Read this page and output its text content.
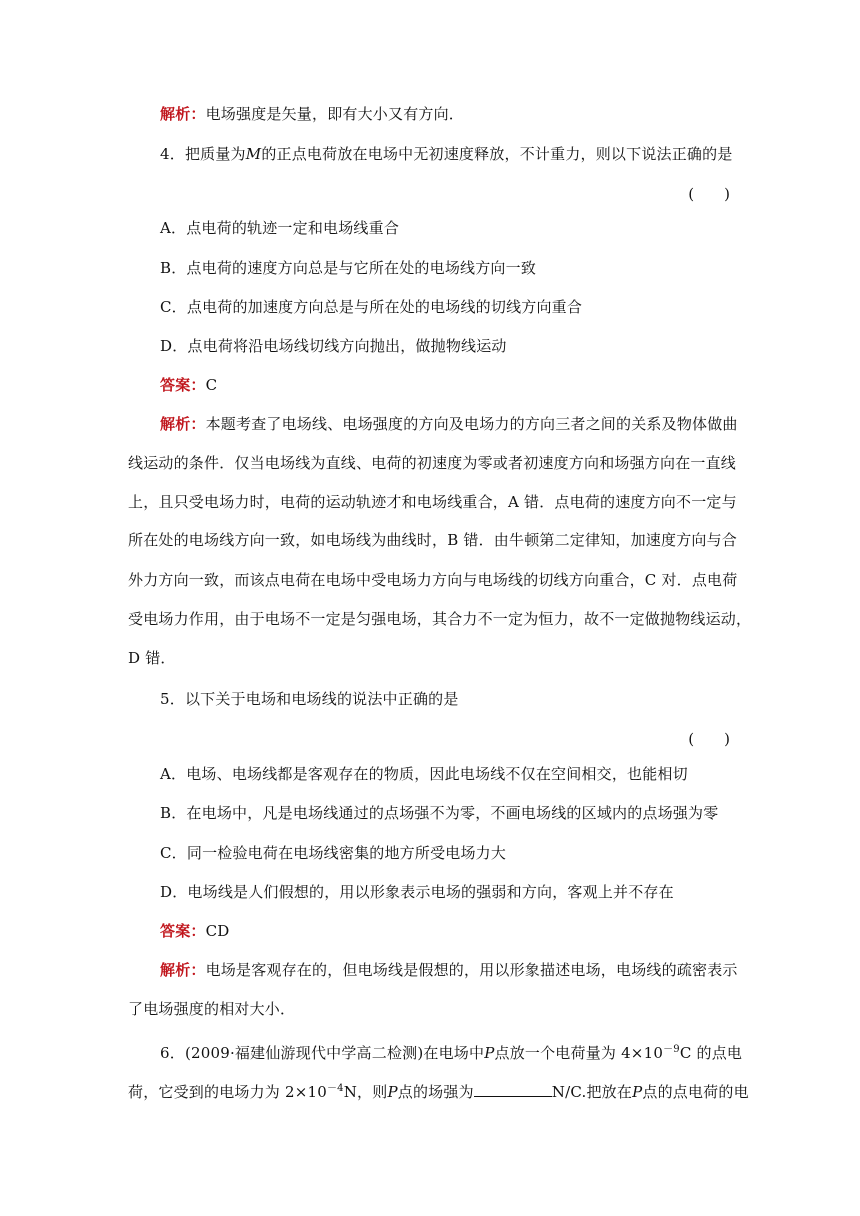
解析：电场强度是矢量，即有大小又有方向．
4．把质量为M的正点电荷放在电场中无初速度释放，不计重力，则以下说法正确的是
(　　)
A．点电荷的轨迹一定和电场线重合
B．点电荷的速度方向总是与它所在处的电场线方向一致
C．点电荷的加速度方向总是与所在处的电场线的切线方向重合
D．点电荷将沿电场线切线方向抛出，做抛物线运动
答案：C
解析：本题考查了电场线、电场强度的方向及电场力的方向三者之间的关系及物体做曲
线运动的条件．仅当电场线为直线、电荷的初速度为零或者初速度方向和场强方向在一直线
上，且只受电场力时，电荷的运动轨迹才和电场线重合，A 错．点电荷的速度方向不一定与
所在处的电场线方向一致，如电场线为曲线时，B 错．由牛顿第二定律知，加速度方向与合
外力方向一致，而该点电荷在电场中受电场力方向与电场线的切线方向重合，C 对．点电荷
受电场力作用，由于电场不一定是匀强电场，其合力不一定为恒力，故不一定做抛物线运动，
D 错．
5．以下关于电场和电场线的说法中正确的是
(　　)
A．电场、电场线都是客观存在的物质，因此电场线不仅在空间相交，也能相切
B．在电场中，凡是电场线通过的点场强不为零，不画电场线的区域内的点场强为零
C．同一检验电荷在电场线密集的地方所受电场力大
D．电场线是人们假想的，用以形象表示电场的强弱和方向，客观上并不存在
答案：CD
解析：电场是客观存在的，但电场线是假想的，用以形象描述电场，电场线的疏密表示
了电场强度的相对大小．
6．(2009·福建仙游现代中学高二检测)在电场中P点放一个电荷量为 $4\times 10^{-9}C$ 的点电
荷，它受到的电场力为 $2\times 10^{-4}N$，则P点的场强为	N/C.把放在P点的点电荷的电
